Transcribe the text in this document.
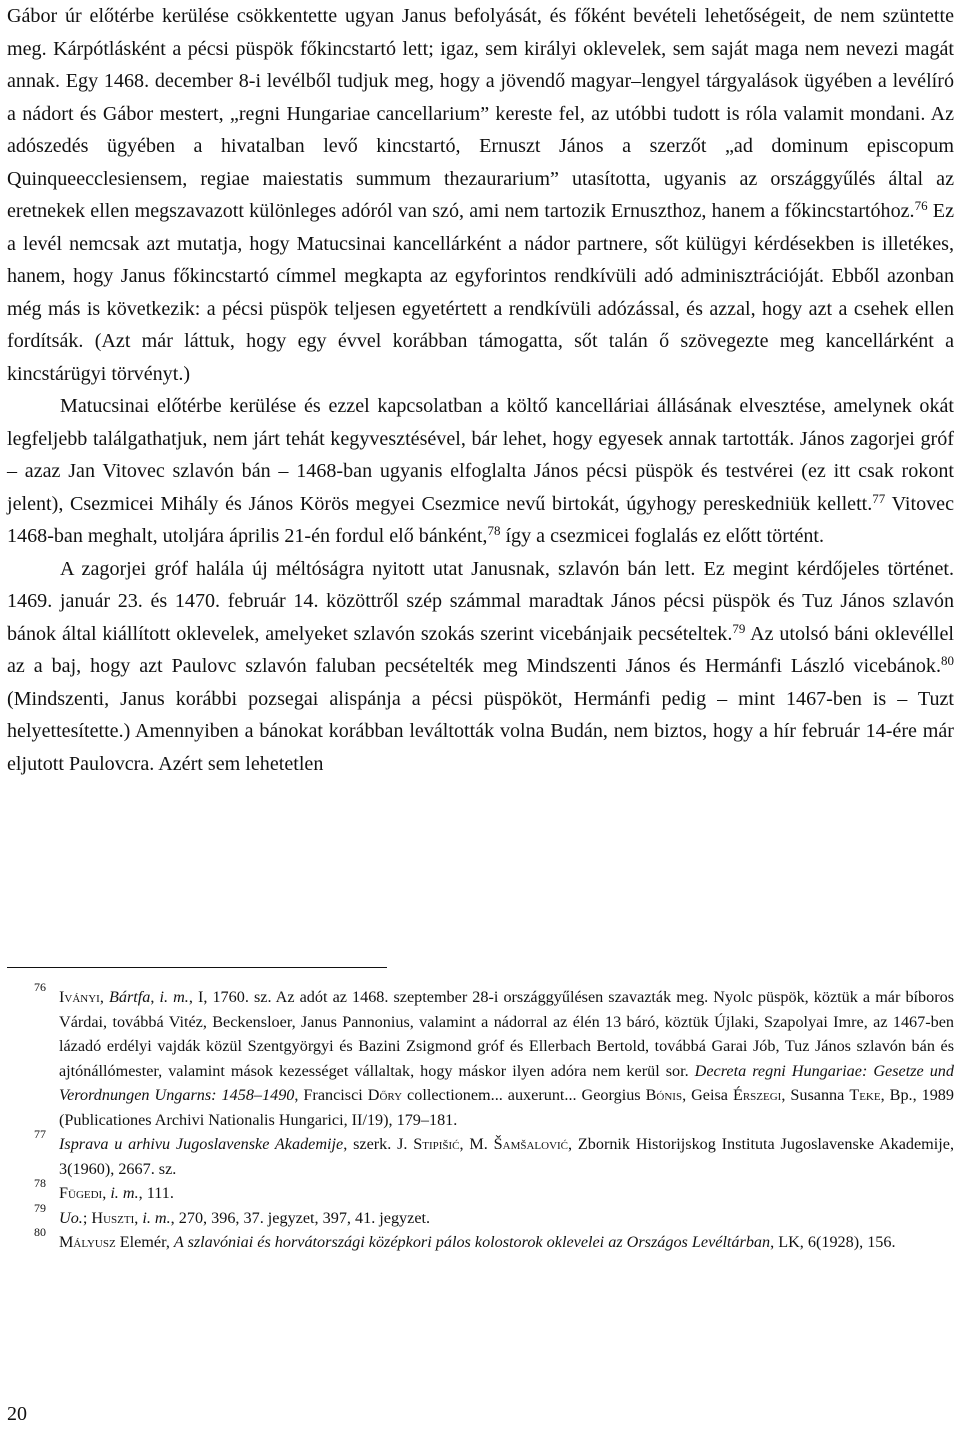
Gábor úr előtérbe kerülése csökkentette ugyan Janus befolyását, és főként bevételi lehetőségeit, de nem szüntette meg. Kárpótlásként a pécsi püspök főkincstartó lett; igaz, sem királyi oklevelek, sem saját maga nem nevezi magát annak. Egy 1468. december 8-i levélből tudjuk meg, hogy a jövendő magyar–lengyel tárgyalások ügyében a levélíró a nádort és Gábor mestert, „regni Hungariae cancellarium” kereste fel, az utóbbi tudott is róla valamit mondani. Az adószedés ügyében a hivatalban levő kincstartó, Ernuszt János a szerzőt „ad dominum episcopum Quinqueecclesiensem, regiae maiestatis summum thezaurarium” utasította, ugyanis az országgyűlés által az eretnekek ellen megszavazott különleges adóról van szó, ami nem tartozik Ernuszthoz, hanem a főkincstartóhoz.$^{76}$ Ez a levél nemcsak azt mutatja, hogy Matucsinai kancellárként a nádor partnere, sőt külügyi kérdésekben is illetékes, hanem, hogy Janus főkincstartó címmel megkapta az egyforintos rendkívüli adó adminisztrációját. Ebből azonban még más is következik: a pécsi püspök teljesen egyetértett a rendkívüli adózással, és azzal, hogy azt a csehek ellen fordítsák. (Azt már láttuk, hogy egy évvel korábban támogatta, sőt talán ő szövegezte meg kancellárként a kincstárügyi törvényt.)

Matucsinai előtérbe kerülése és ezzel kapcsolatban a költő kancelláriai állásának elvesztése, amelynek okát legfeljebb találgathatjuk, nem járt tehát kegyvesztésével, bár lehet, hogy egyesek annak tartották. János zagorjei gróf – azaz Jan Vitovec szlavón bán – 1468-ban ugyanis elfoglalta János pécsi püspök és testvérei (ez itt csak rokont jelent), Csezmicei Mihály és János Körös megyei Csezmice nevű birtokát, úgyhogy pereskedniük kellett.$^{77}$ Vitovec 1468-ban meghalt, utoljára április 21-én fordul elő bánként,$^{78}$ így a csezmicei foglalás ez előtt történt.

A zagorjei gróf halála új méltóságra nyitott utat Janusnak, szlavón bán lett. Ez megint kérdőjeles történet. 1469. január 23. és 1470. február 14. közöttről szép számmal maradtak János pécsi püspök és Tuz János szlavón bánok által kiállított oklevelek, amelyeket szlavón szokás szerint vicebánjaik pecsételtek.$^{79}$ Az utolsó báni oklevéllel az a baj, hogy azt Paulovc szlavón faluban pecsételték meg Mindszenti János és Hermánfi László vicebánok.$^{80}$ (Mindszenti, Janus korábbi pozsegai alispánja a pécsi püspököt, Hermánfi pedig – mint 1467-ben is – Tuzt helyettesítette.) Amennyiben a bánokat korábban leváltották volna Budán, nem biztos, hogy a hír február 14-ére már eljutott Paulovcra. Azért sem lehetetlen

76
Iványi, Bártfa, i. m., I, 1760. sz. Az adót az 1468. szeptember 28-i országgyűlésen szavazták meg. Nyolc püspök, köztük a már bíboros Várdai, továbbá Vitéz, Beckensloer, Janus Pannonius, valamint a nádorral az élén 13 báró, köztük Újlaki, Szapolyai Imre, az 1467-ben lázadó erdélyi vajdák közül Szentgyörgyi és Bazini Zsigmond gróf és Ellerbach Bertold, továbbá Garai Jób, Tuz János szlavón bán és ajtónállómester, valamint mások kezességet vállaltak, hogy máskor ilyen adóra nem kerül sor. Decreta regni Hungariae: Gesetze und Verordnungen Ungarns: 1458–1490, Francisci Dőry collectionem... auxerunt... Georgius Bónis, Geisa Érszegi, Susanna Teke, Bp., 1989 (Publicationes Archivi Nationalis Hungarici, II/19), 179–181.

77
Isprava u arhivu Jugoslavenske Akademije, szerk. J. Stipišić, M. Šamšalović, Zbornik Historijskog Instituta Jugoslavenske Akademije, 3(1960), 2667. sz.

78
Fügedi, i. m., 111.

79
Uo.; Huszti, i. m., 270, 396, 37. jegyzet, 397, 41. jegyzet.

80
Mályusz Elemér, A szlavóniai és horvátországi középkori pálos kolostorok oklevelei az Országos Levéltárban, LK, 6(1928), 156.

20
